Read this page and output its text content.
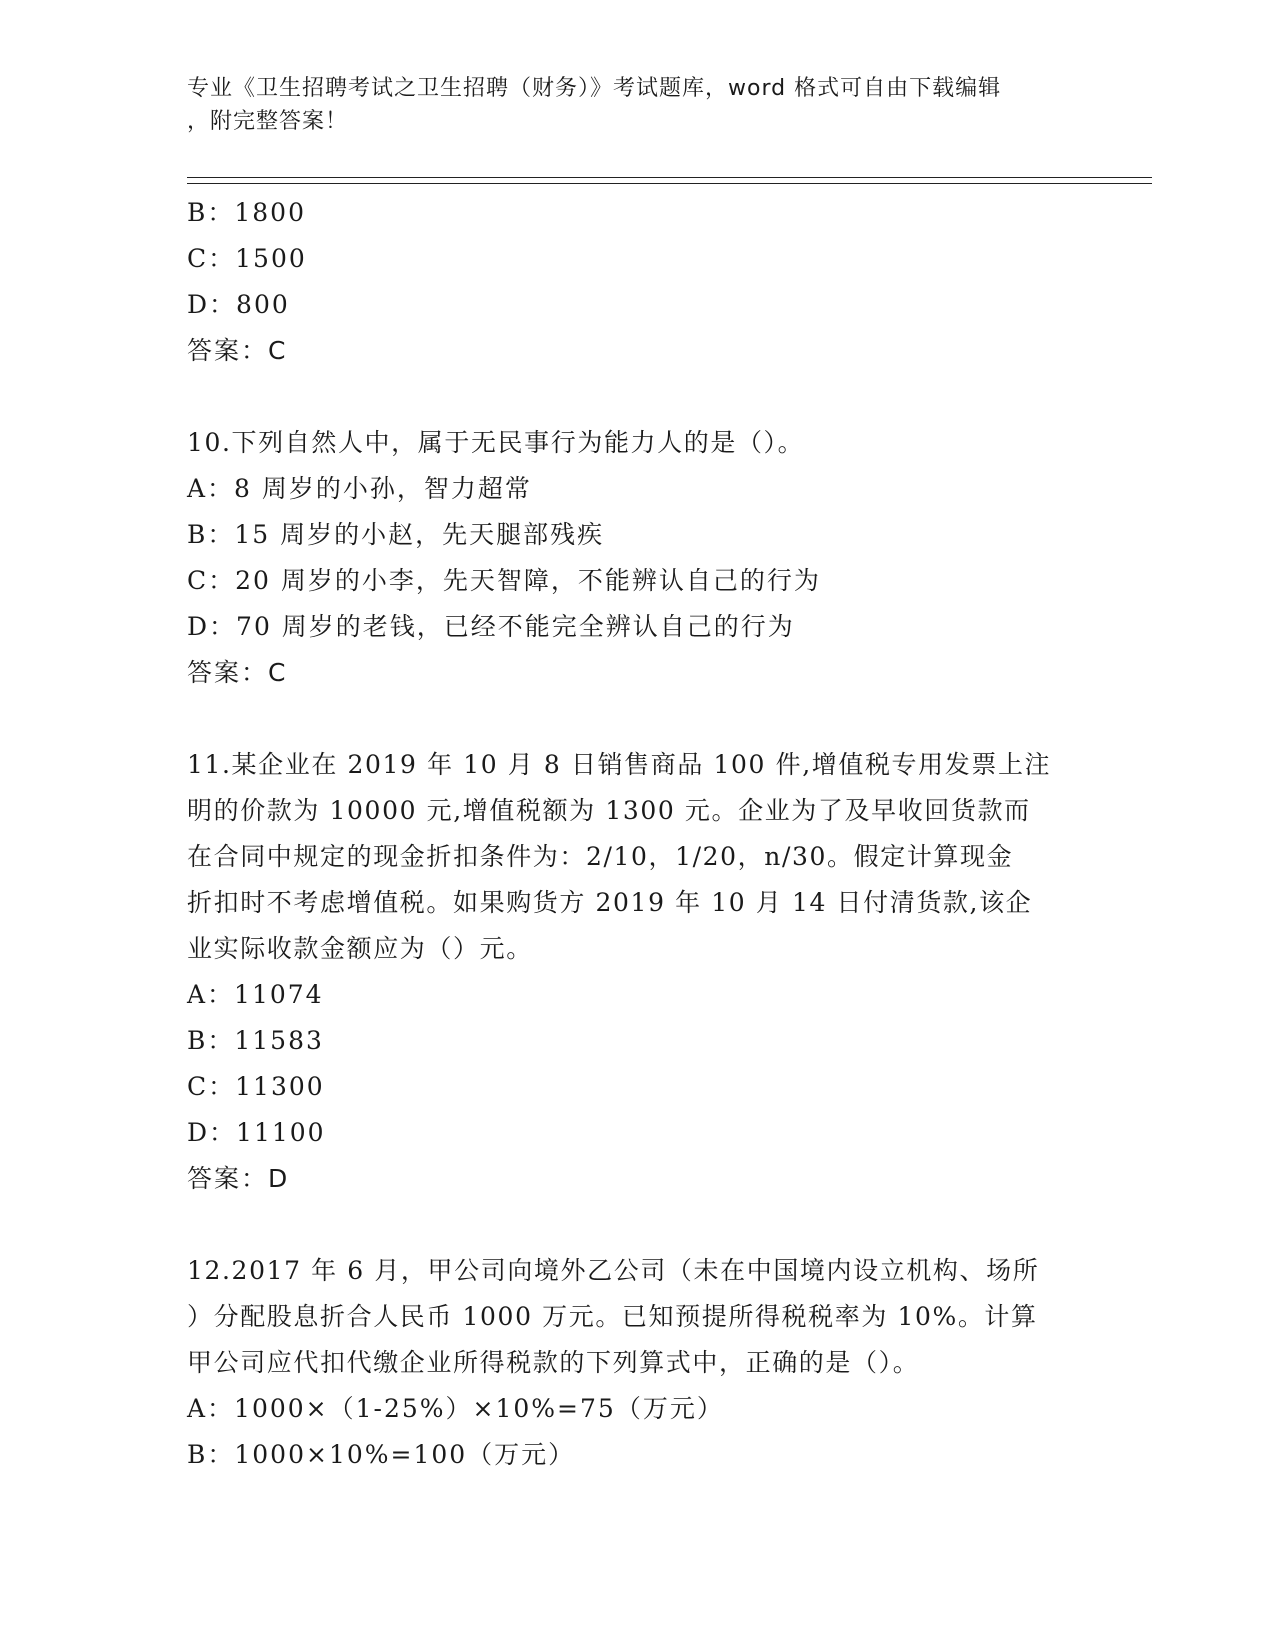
专业《卫生招聘考试之卫生招聘（财务）》考试题库，word 格式可自由下载编辑
，附完整答案！
B：1800
C：1500
D：800
答案：C
10.下列自然人中，属于无民事行为能力人的是（）。
A：8 周岁的小孙，智力超常
B：15 周岁的小赵，先天腿部残疾
C：20 周岁的小李，先天智障，不能辨认自己的行为
D：70 周岁的老钱，已经不能完全辨认自己的行为
答案：C
11.某企业在 2019 年 10 月 8 日销售商品 100 件,增值税专用发票上注
明的价款为 10000 元,增值税额为 1300 元。企业为了及早收回货款而
在合同中规定的现金折扣条件为：2/10，1/20，n/30。假定计算现金
折扣时不考虑增值税。如果购货方 2019 年 10 月 14 日付清货款,该企
业实际收款金额应为（）元。
A：11074
B：11583
C：11300
D：11100
答案：D
12.2017 年 6 月，甲公司向境外乙公司（未在中国境内设立机构、场所
）分配股息折合人民币 1000 万元。已知预提所得税税率为 10%。计算
甲公司应代扣代缴企业所得税款的下列算式中，正确的是（）。
A：1000×（1-25%）×10%=75（万元）
B：1000×10%=100（万元）
